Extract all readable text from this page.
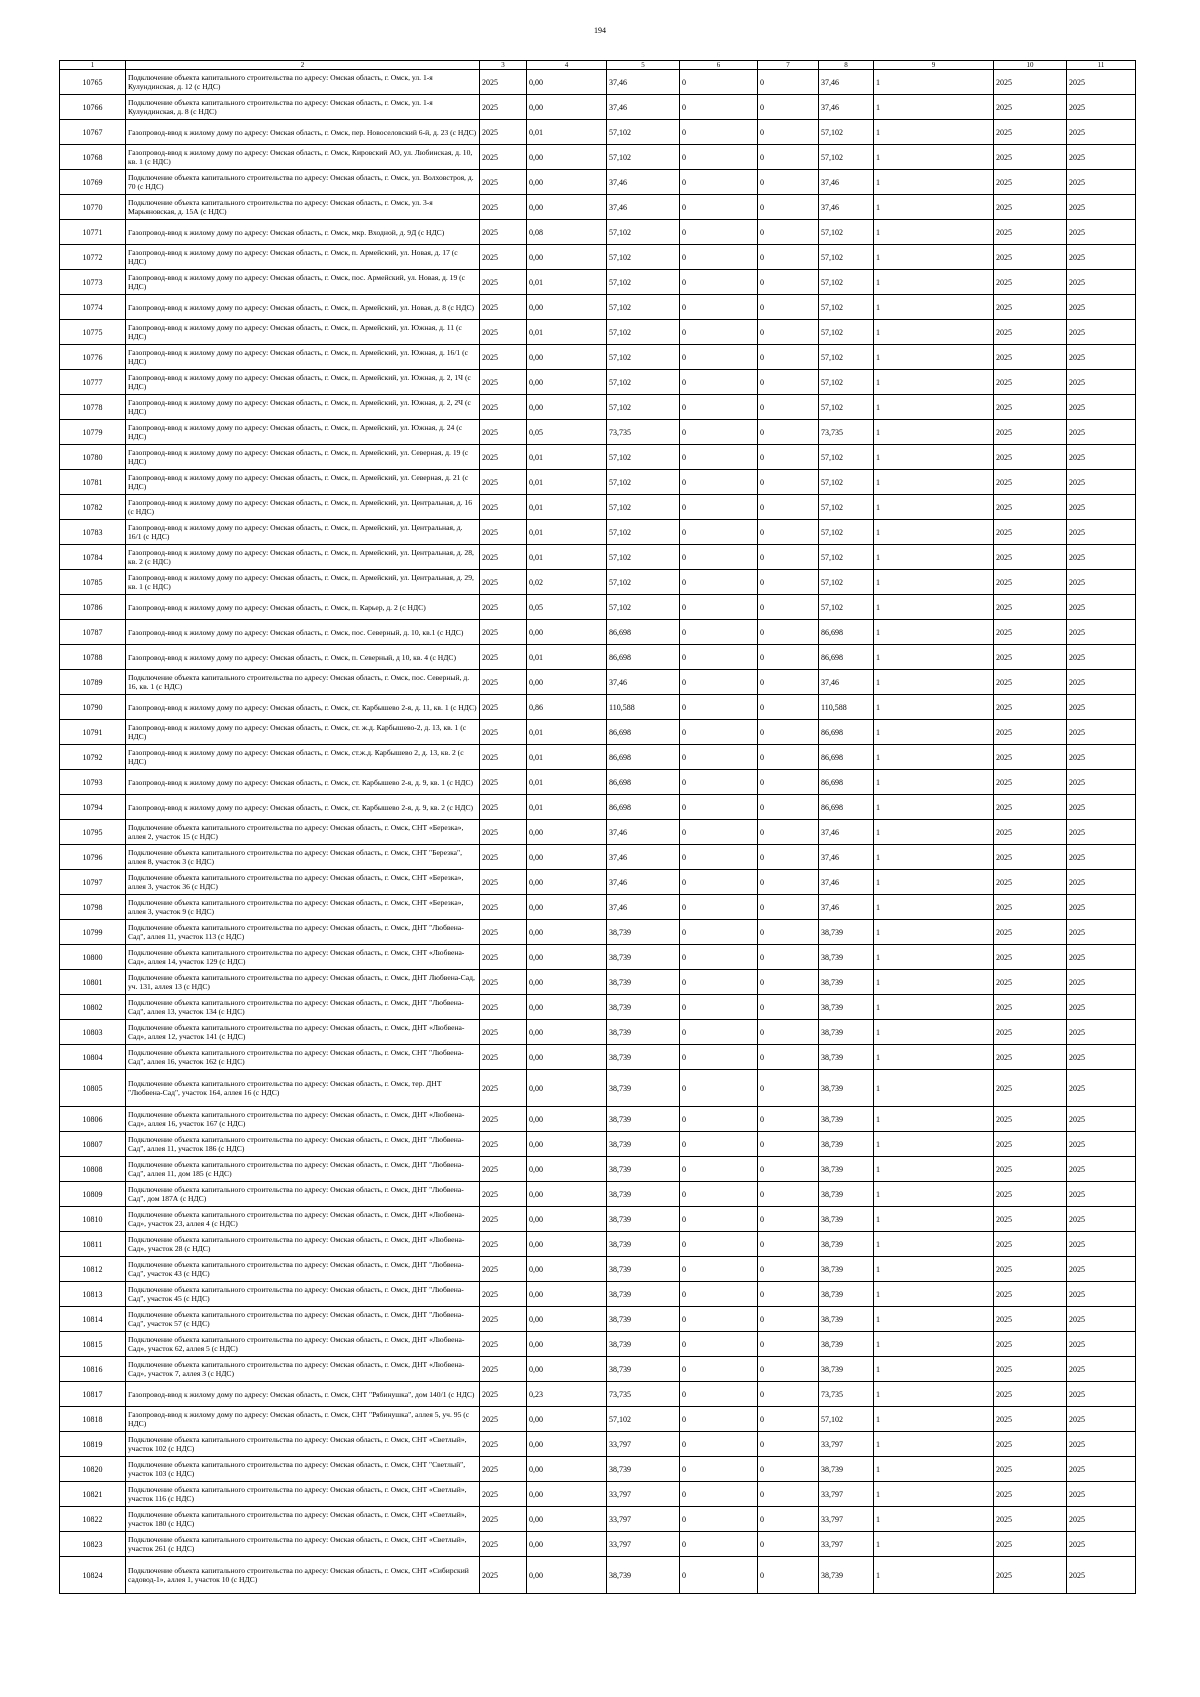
194
1	2	3	4	5	6	7	8	9	10	11
10765	Подключение объекта капитального строительства по адресу: Омская область, г. Омск, ул. 1-я Кулундинская, д. 12 (с НДС)	2025	0,00	37,46	0	0	37,46	1	2025	2025
10766	Подключение объекта капитального строительства по адресу: Омская область, г. Омск, ул. 1-я Кулундинская, д. 8 (с НДС)	2025	0,00	37,46	0	0	37,46	1	2025	2025
10767	Газопровод-ввод к жилому дому по адресу: Омская область, г. Омск, пер. Новоселовский 6-й, д. 23 (с НДС)	2025	0,01	57,102	0	0	57,102	1	2025	2025
10768	Газопровод-ввод к жилому дому по адресу: Омская область, г. Омск, Кировский АО, ул. Любинская, д. 10, кв. 1 (с НДС)	2025	0,00	57,102	0	0	57,102	1	2025	2025
10769	Подключение объекта капитального строительства по адресу: Омская область, г. Омск, ул. Волховстроя, д. 70 (с НДС)	2025	0,00	37,46	0	0	37,46	1	2025	2025
10770	Подключение объекта капитального строительства по адресу: Омская область, г. Омск, ул. 3-я Марьяновская, д. 15А (с НДС)	2025	0,00	37,46	0	0	37,46	1	2025	2025
10771	Газопровод-ввод к жилому дому по адресу: Омская область, г. Омск, мкр. Входной, д. 9Д (с НДС)	2025	0,08	57,102	0	0	57,102	1	2025	2025
10772	Газопровод-ввод к жилому дому по адресу: Омская область, г. Омск, п. Армейский, ул. Новая, д. 17 (с НДС)	2025	0,00	57,102	0	0	57,102	1	2025	2025
10773	Газопровод-ввод к жилому дому по адресу: Омская область, г. Омск, пос. Армейский, ул. Новая, д. 19 (с НДС)	2025	0,01	57,102	0	0	57,102	1	2025	2025
10774	Газопровод-ввод к жилому дому по адресу: Омская область, г. Омск, п. Армейский, ул. Новая, д. 8 (с НДС)	2025	0,00	57,102	0	0	57,102	1	2025	2025
10775	Газопровод-ввод к жилому дому по адресу: Омская область, г. Омск, п. Армейский, ул. Южная, д. 11 (с НДС)	2025	0,01	57,102	0	0	57,102	1	2025	2025
10776	Газопровод-ввод к жилому дому по адресу: Омская область, г. Омск, п. Армейский, ул. Южная, д. 16/1 (с НДС)	2025	0,00	57,102	0	0	57,102	1	2025	2025
10777	Газопровод-ввод к жилому дому по адресу: Омская область, г. Омск, п. Армейский, ул. Южная, д. 2, 1Ч (с НДС)	2025	0,00	57,102	0	0	57,102	1	2025	2025
10778	Газопровод-ввод к жилому дому по адресу: Омская область, г. Омск, п. Армейский, ул. Южная, д. 2, 2Ч (с НДС)	2025	0,00	57,102	0	0	57,102	1	2025	2025
10779	Газопровод-ввод к жилому дому по адресу: Омская область, г. Омск, п. Армейский, ул. Южная, д. 24 (с НДС)	2025	0,05	73,735	0	0	73,735	1	2025	2025
10780	Газопровод-ввод к жилому дому по адресу: Омская область, г. Омск, п. Армейский, ул. Северная, д. 19 (с НДС)	2025	0,01	57,102	0	0	57,102	1	2025	2025
10781	Газопровод-ввод к жилому дому по адресу: Омская область, г. Омск, п. Армейский, ул. Северная, д. 21 (с НДС)	2025	0,01	57,102	0	0	57,102	1	2025	2025
10782	Газопровод-ввод к жилому дому по адресу: Омская область, г. Омск, п. Армейский, ул. Центральная, д. 16 (с НДС)	2025	0,01	57,102	0	0	57,102	1	2025	2025
10783	Газопровод-ввод к жилому дому по адресу: Омская область, г. Омск, п. Армейский, ул. Центральная, д. 16/1 (с НДС)	2025	0,01	57,102	0	0	57,102	1	2025	2025
10784	Газопровод-ввод к жилому дому по адресу: Омская область, г. Омск, п. Армейский, ул. Центральная, д. 28, кв. 2 (с НДС)	2025	0,01	57,102	0	0	57,102	1	2025	2025
10785	Газопровод-ввод к жилому дому по адресу: Омская область, г. Омск, п. Армейский, ул. Центральная, д. 29, кв. 1 (с НДС)	2025	0,02	57,102	0	0	57,102	1	2025	2025
10786	Газопровод-ввод к жилому дому по адресу: Омская область, г. Омск, п. Карьер, д. 2 (с НДС)	2025	0,05	57,102	0	0	57,102	1	2025	2025
10787	Газопровод-ввод к жилому дому по адресу: Омская область, г. Омск, пос. Северный, д. 10, кв.1 (с НДС)	2025	0,00	86,698	0	0	86,698	1	2025	2025
10788	Газопровод-ввод к жилому дому по адресу: Омская область, г. Омск, п. Северный, д 10, кв. 4 (с НДС)	2025	0,01	86,698	0	0	86,698	1	2025	2025
10789	Подключение объекта капитального строительства по адресу: Омская область, г. Омск, пос. Северный, д. 16, кв. 1 (с НДС)	2025	0,00	37,46	0	0	37,46	1	2025	2025
10790	Газопровод-ввод к жилому дому по адресу: Омская область, г. Омск, ст. Карбышево 2-я, д. 11, кв. 1 (с НДС)	2025	0,86	110,588	0	0	110,588	1	2025	2025
10791	Газопровод-ввод к жилому дому по адресу: Омская область, г. Омск, ст. ж.д. Карбышево-2, д. 13, кв. 1 (с НДС)	2025	0,01	86,698	0	0	86,698	1	2025	2025
10792	Газопровод-ввод к жилому дому по адресу: Омская область, г. Омск, ст.ж.д. Карбышево 2, д. 13, кв. 2 (с НДС)	2025	0,01	86,698	0	0	86,698	1	2025	2025
10793	Газопровод-ввод к жилому дому по адресу: Омская область, г. Омск, ст. Карбышево 2-я, д. 9, кв. 1 (с НДС)	2025	0,01	86,698	0	0	86,698	1	2025	2025
10794	Газопровод-ввод к жилому дому по адресу: Омская область, г. Омск, ст. Карбышево 2-я, д. 9, кв. 2 (с НДС)	2025	0,01	86,698	0	0	86,698	1	2025	2025
10795	Подключение объекта капитального строительства по адресу: Омская область, г. Омск, СНТ «Березка», аллея 2, участок 15 (с НДС)	2025	0,00	37,46	0	0	37,46	1	2025	2025
10796	Подключение объекта капитального строительства по адресу: Омская область, г. Омск, СНТ "Березка", аллея 8, участок 3 (с НДС)	2025	0,00	37,46	0	0	37,46	1	2025	2025
10797	Подключение объекта капитального строительства по адресу: Омская область, г. Омск, СНТ «Березка», аллея 3, участок 36 (с НДС)	2025	0,00	37,46	0	0	37,46	1	2025	2025
10798	Подключение объекта капитального строительства по адресу: Омская область, г. Омск, СНТ «Березка», аллея 3, участок 9 (с НДС)	2025	0,00	37,46	0	0	37,46	1	2025	2025
10799	Подключение объекта капитального строительства по адресу: Омская область, г. Омск, ДНТ "Любвена-Сад", аллея 11, участок 113 (с НДС)	2025	0,00	38,739	0	0	38,739	1	2025	2025
10800	Подключение объекта капитального строительства по адресу: Омская область, г. Омск, СНТ «Любвена-Сад», аллея 14, участок 129 (с НДС)	2025	0,00	38,739	0	0	38,739	1	2025	2025
10801	Подключение объекта капитального строительства по адресу: Омская область, г. Омск, ДНТ Любвена-Сад, уч. 131, аллея 13 (с НДС)	2025	0,00	38,739	0	0	38,739	1	2025	2025
10802	Подключение объекта капитального строительства по адресу: Омская область, г. Омск, ДНТ "Любвена-Сад", аллея 13, участок 134 (с НДС)	2025	0,00	38,739	0	0	38,739	1	2025	2025
10803	Подключение объекта капитального строительства по адресу: Омская область, г. Омск, ДНТ «Любвена-Сад», аллея 12, участок 141 (с НДС)	2025	0,00	38,739	0	0	38,739	1	2025	2025
10804	Подключение объекта капитального строительства по адресу: Омская область, г. Омск, СНТ "Любвена-Сад", аллея 16, участок 162 (с НДС)	2025	0,00	38,739	0	0	38,739	1	2025	2025
10805	Подключение объекта капитального строительства по адресу: Омская область, г. Омск, тер. ДНТ "Любвена-Сад", участок 164, аллея 16 (с НДС)	2025	0,00	38,739	0	0	38,739	1	2025	2025
10806	Подключение объекта капитального строительства по адресу: Омская область, г. Омск, ДНТ «Любвена-Сад», аллея 16, участок 167 (с НДС)	2025	0,00	38,739	0	0	38,739	1	2025	2025
10807	Подключение объекта капитального строительства по адресу: Омская область, г. Омск, ДНТ "Любвена-Сад", аллея 11, участок 186 (с НДС)	2025	0,00	38,739	0	0	38,739	1	2025	2025
10808	Подключение объекта капитального строительства по адресу: Омская область, г. Омск, ДНТ "Любвена-Сад", аллея 11, дом 185 (с НДС)	2025	0,00	38,739	0	0	38,739	1	2025	2025
10809	Подключение объекта капитального строительства по адресу: Омская область, г. Омск, ДНТ "Любвена-Сад", дом 187А (с НДС)	2025	0,00	38,739	0	0	38,739	1	2025	2025
10810	Подключение объекта капитального строительства по адресу: Омская область, г. Омск, ДНТ «Любвена-Сад», участок 23, аллея 4 (с НДС)	2025	0,00	38,739	0	0	38,739	1	2025	2025
10811	Подключение объекта капитального строительства по адресу: Омская область, г. Омск, ДНТ «Любвена-Сад», участок 28 (с НДС)	2025	0,00	38,739	0	0	38,739	1	2025	2025
10812	Подключение объекта капитального строительства по адресу: Омская область, г. Омск, ДНТ "Любвена-Сад", участок 43 (с НДС)	2025	0,00	38,739	0	0	38,739	1	2025	2025
10813	Подключение объекта капитального строительства по адресу: Омская область, г. Омск, ДНТ "Любвена-Сад", участок 45 (с НДС)	2025	0,00	38,739	0	0	38,739	1	2025	2025
10814	Подключение объекта капитального строительства по адресу: Омская область, г. Омск, ДНТ "Любвена-Сад", участок 57 (с НДС)	2025	0,00	38,739	0	0	38,739	1	2025	2025
10815	Подключение объекта капитального строительства по адресу: Омская область, г. Омск, ДНТ «Любвена-Сад», участок 62, аллея 5 (с НДС)	2025	0,00	38,739	0	0	38,739	1	2025	2025
10816	Подключение объекта капитального строительства по адресу: Омская область, г. Омск, ДНТ «Любвена-Сад», участок 7, аллея 3 (с НДС)	2025	0,00	38,739	0	0	38,739	1	2025	2025
10817	Газопровод-ввод к жилому дому по адресу: Омская область, г. Омск, СНТ "Рябинушка", дом 140/1 (с НДС)	2025	0,23	73,735	0	0	73,735	1	2025	2025
10818	Газопровод-ввод к жилому дому по адресу: Омская область, г. Омск, СНТ "Рябинушка", аллея 5, уч. 95 (с НДС)	2025	0,00	57,102	0	0	57,102	1	2025	2025
10819	Подключение объекта капитального строительства по адресу: Омская область, г. Омск, СНТ «Светлый», участок 102 (с НДС)	2025	0,00	33,797	0	0	33,797	1	2025	2025
10820	Подключение объекта капитального строительства по адресу: Омская область, г. Омск, СНТ "Светлый", участок 103 (с НДС)	2025	0,00	38,739	0	0	38,739	1	2025	2025
10821	Подключение объекта капитального строительства по адресу: Омская область, г. Омск, СНТ «Светлый», участок 116 (с НДС)	2025	0,00	33,797	0	0	33,797	1	2025	2025
10822	Подключение объекта капитального строительства по адресу: Омская область, г. Омск, СНТ «Светлый», участок 180 (с НДС)	2025	0,00	33,797	0	0	33,797	1	2025	2025
10823	Подключение объекта капитального строительства по адресу: Омская область, г. Омск, СНТ «Светлый», участок 261 (с НДС)	2025	0,00	33,797	0	0	33,797	1	2025	2025
10824	Подключение объекта капитального строительства по адресу: Омская область, г. Омск, СНТ «Сибирский садовод-1», аллея 1, участок 10 (с НДС)	2025	0,00	38,739	0	0	38,739	1	2025	2025
